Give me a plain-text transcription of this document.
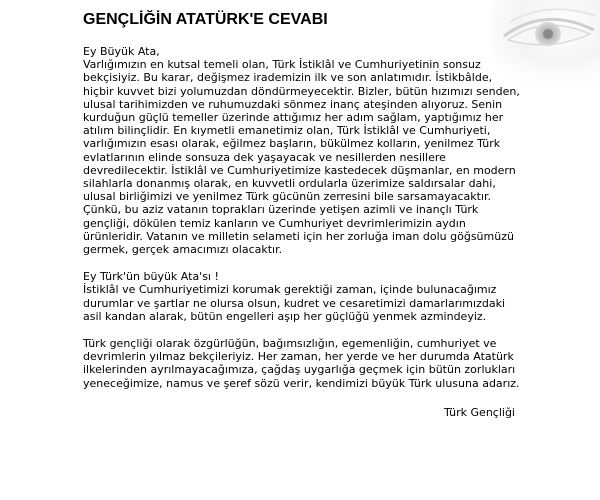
GENÇLİĞİN ATATÜRK'E CEVABI

Ey Büyük Ata,

Varlığımızın en kutsal temeli olan, Türk İstiklâl ve Cumhuriyetinin sonsuz bekçisiyiz. Bu karar, değişmez irademizin ilk ve son anlatımıdır. İstikbâlde, hiçbir kuvvet bizi yolumuzdan döndürmeyecektir. Bizler, bütün hızımızı senden, ulusal tarihimizden ve ruhumuzdaki sönmez inanç ateşinden alıyoruz. Senin kurduğun güçlü temeller üzerinde attığımız her adım sağlam, yaptığımız her atılım bilinçlidir. En kıymetli emanetimiz olan, Türk İstiklâl ve Cumhuriyeti, varlığımızın esası olarak, eğilmez başların, bükülmez kolların, yenilmez Türk evlatlarının elinde sonsuza dek yaşayacak ve nesillerden nesillere devredilecektir. İstiklâl ve Cumhuriyetimize kastedecek düşmanlar, en modern silahlarla donanmış olarak, en kuvvetli ordularla üzerimize saldırsalar dahi, ulusal birliğimizi ve yenilmez Türk gücünün zerresini bile sarsamayacaktır. Çünkü, bu aziz vatanın toprakları üzerinde yetişen azimli ve inançlı Türk gençliği, dökülen temiz kanların ve Cumhuriyet devrimlerimizin aydın ürünleridir. Vatanın ve milletin selameti için her zorluğa iman dolu göğsümüzü germek, gerçek amacımızı olacaktır.

Ey Türk'ün büyük Ata'sı !

İstiklâl ve Cumhuriyetimizi korumak gerektiği zaman, içinde bulunacağımız durumlar ve şartlar ne olursa olsun, kudret ve cesaretimizi damarlarımızdaki asil kandan alarak, bütün engelleri aşıp her güçlüğü yenmek azmindeyiz.

Türk gençliği olarak özgürlüğün, bağımsızlığın, egemenliğin, cumhuriyet ve devrimlerin yılmaz bekçileriyiz. Her zaman, her yerde ve her durumda Atatürk ilkelerinden ayrılmayacağımıza, çağdaş uygarlığa geçmek için bütün zorlukları yeneceğimize, namus ve şeref sözü verir, kendimizi büyük Türk ulusuna adarız.

Türk Gençliği
